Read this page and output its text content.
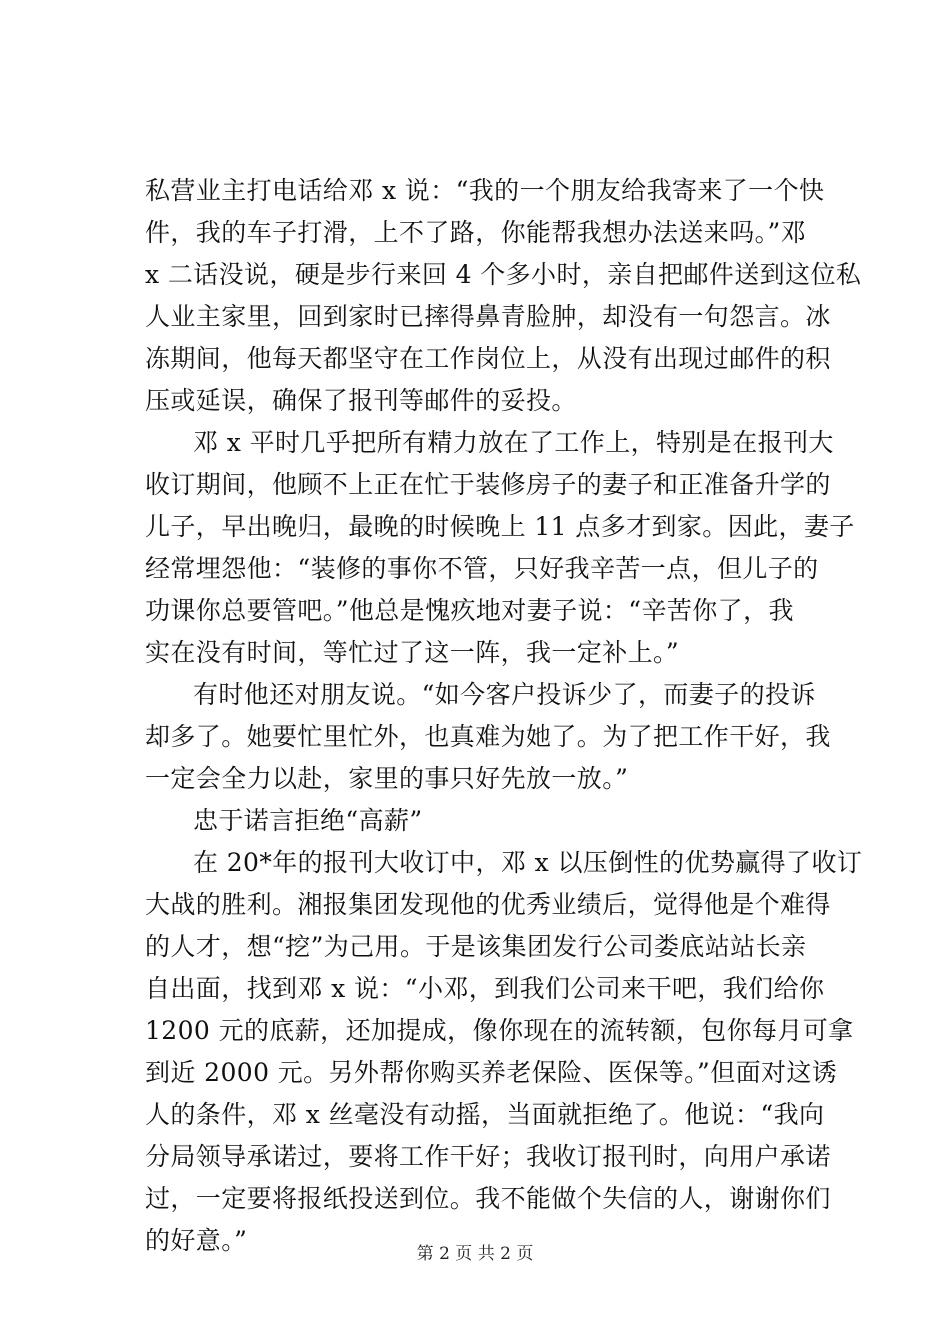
私营业主打电话给邓 x 说：“我的一个朋友给我寄来了一个快
件，我的车子打滑，上不了路，你能帮我想办法送来吗。”邓
x 二话没说，硬是步行来回 4 个多小时，亲自把邮件送到这位私
人业主家里，回到家时已摔得鼻青脸肿，却没有一句怨言。冰
冻期间，他每天都坚守在工作岗位上，从没有出现过邮件的积
压或延误，确保了报刊等邮件的妥投。
邓 x 平时几乎把所有精力放在了工作上，特别是在报刊大
收订期间，他顾不上正在忙于装修房子的妻子和正准备升学的
儿子，早出晚归，最晚的时候晚上 11 点多才到家。因此，妻子
经常埋怨他：“装修的事你不管，只好我辛苦一点，但儿子的
功课你总要管吧。”他总是愧疚地对妻子说：“辛苦你了，我
实在没有时间，等忙过了这一阵，我一定补上。”
有时他还对朋友说。“如今客户投诉少了，而妻子的投诉
却多了。她要忙里忙外，也真难为她了。为了把工作干好，我
一定会全力以赴，家里的事只好先放一放。”
忠于诺言拒绝“高薪”
在 20*年的报刊大收订中，邓 x 以压倒性的优势赢得了收订
大战的胜利。湘报集团发现他的优秀业绩后，觉得他是个难得
的人才，想“挖”为己用。于是该集团发行公司娄底站站长亲
自出面，找到邓 x 说：“小邓，到我们公司来干吧，我们给你
1200 元的底薪，还加提成，像你现在的流转额，包你每月可拿
到近 2000 元。另外帮你购买养老保险、医保等。”但面对这诱
人的条件，邓 x 丝毫没有动摇，当面就拒绝了。他说：“我向
分局领导承诺过，要将工作干好；我收订报刊时，向用户承诺
过，一定要将报纸投送到位。我不能做个失信的人，谢谢你们
的好意。”	第 2 页 共 2 页
